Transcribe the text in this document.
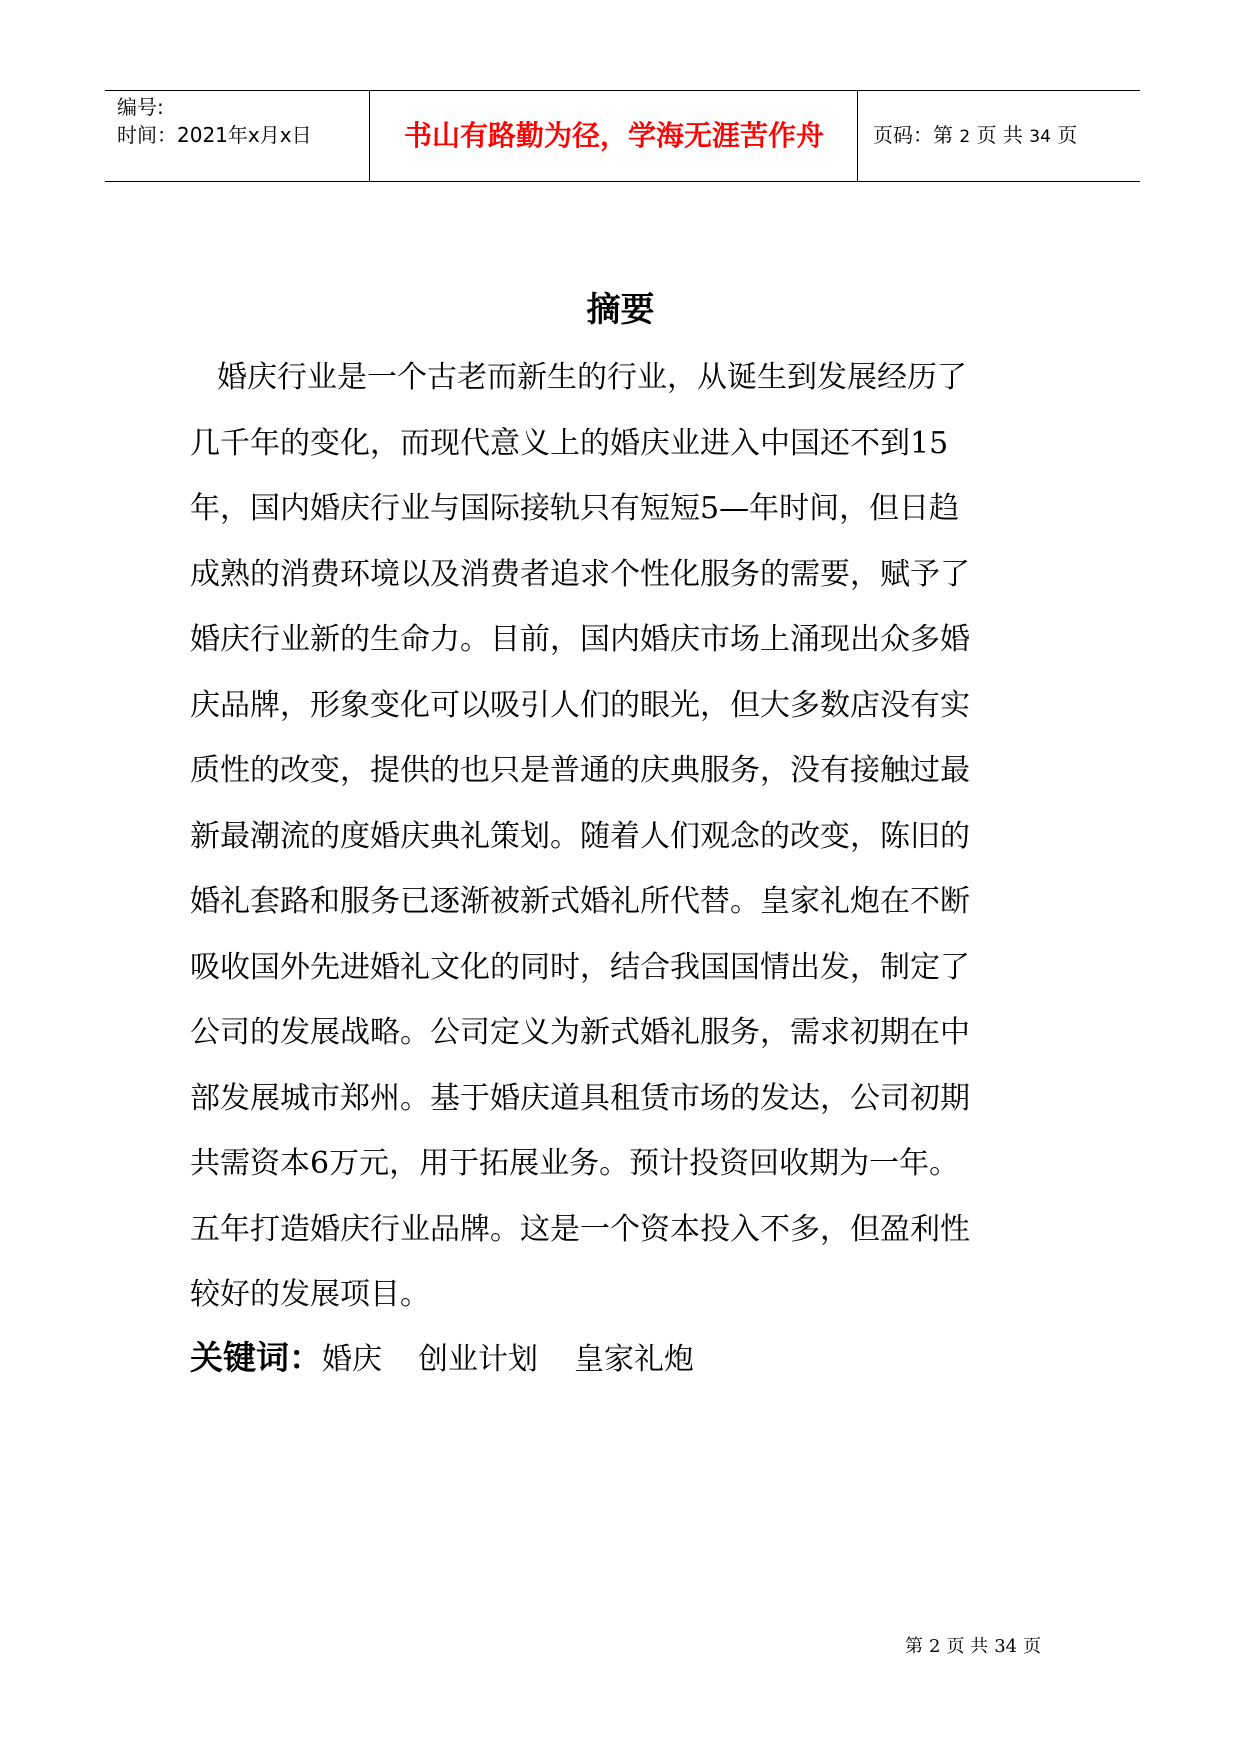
编号:
时间：2021年x月x日	书山有路勤为径，学海无涯苦作舟	页码：第 2 页 共 34 页
摘要
婚庆行业是一个古老而新生的行业，从诞生到发展经历了
几千年的变化，而现代意义上的婚庆业进入中国还不到15
年，国内婚庆行业与国际接轨只有短短5—年时间，但日趋
成熟的消费环境以及消费者追求个性化服务的需要，赋予了
婚庆行业新的生命力。目前，国内婚庆市场上涌现出众多婚
庆品牌，形象变化可以吸引人们的眼光，但大多数店没有实
质性的改变，提供的也只是普通的庆典服务，没有接触过最
新最潮流的度婚庆典礼策划。随着人们观念的改变，陈旧的
婚礼套路和服务已逐渐被新式婚礼所代替。皇家礼炮在不断
吸收国外先进婚礼文化的同时，结合我国国情出发，制定了
公司的发展战略。公司定义为新式婚礼服务，需求初期在中
部发展城市郑州。基于婚庆道具租赁市场的发达，公司初期
共需资本6万元，用于拓展业务。预计投资回收期为一年。
五年打造婚庆行业品牌。这是一个资本投入不多，但盈利性
较好的发展项目。
关键词：婚庆 创业计划 皇家礼炮
第 2 页 共 34 页
